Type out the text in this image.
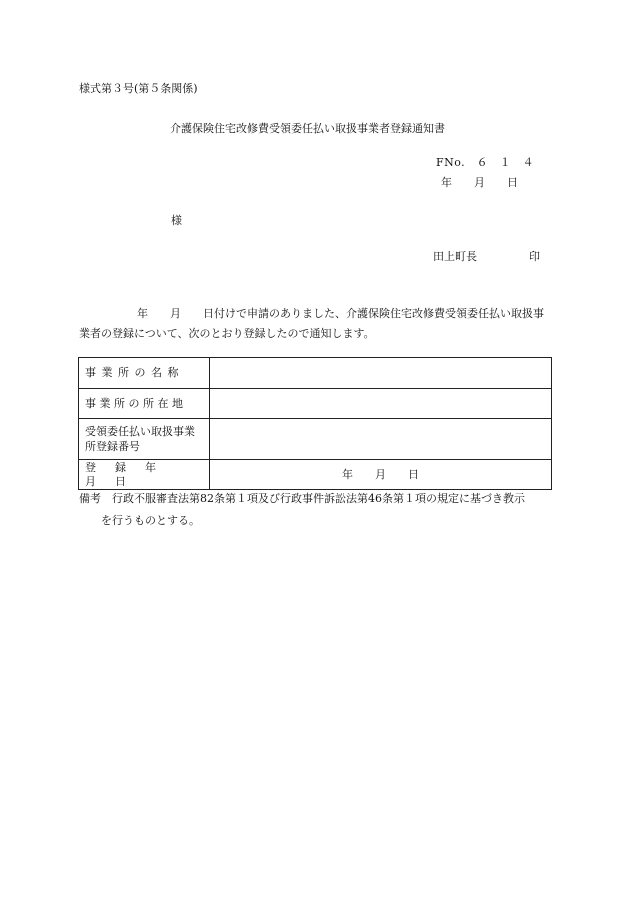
様式第３号(第５条関係)
介護保険住宅改修費受領委任払い取扱事業者登録通知書
FNo.　６　１　４
年　　月　　日
様
田上町長	印
年　　月　　日付けで申請のありました、介護保険住宅改修費受領委任払い取扱事業者の登録について、次のとおり登録したので通知します。
事業所の名称	
事業所の所在地	
受領委任払い取扱事業所登録番号	
登録年月日	年　　月　　日
備考　行政不服審査法第82条第１項及び行政事件訴訟法第46条第１項の規定に基づき教示
を行うものとする。
